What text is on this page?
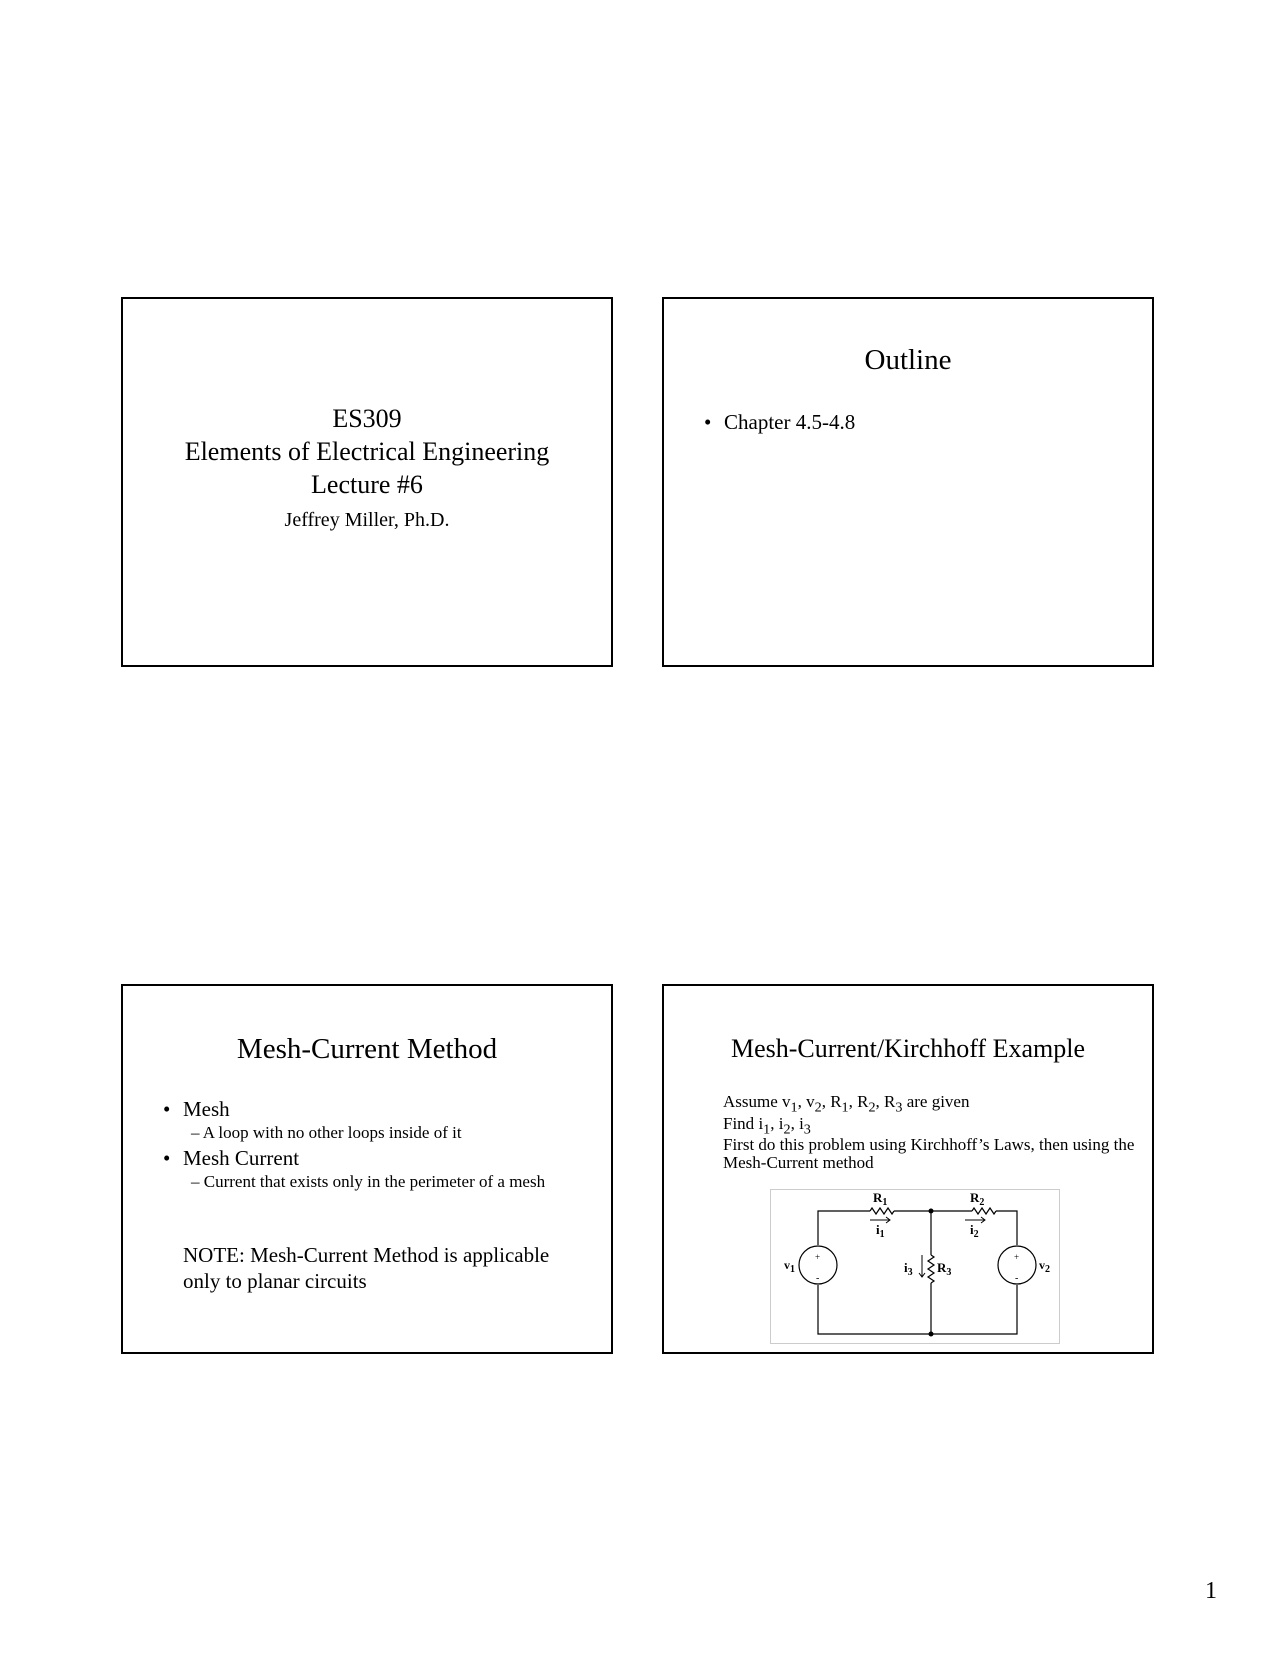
ES309
Elements of Electrical Engineering
Lecture #6
Jeffrey Miller, Ph.D.
Outline
• Chapter 4.5-4.8
Mesh-Current Method
• Mesh
– A loop with no other loops inside of it
• Mesh Current
– Current that exists only in the perimeter of a mesh
NOTE: Mesh-Current Method is applicable only to planar circuits
Mesh-Current/Kirchhoff Example
Assume $v_1$, $v_2$, $R_1$, $R_2$, $R_3$ are given
Find $i_1$, $i_2$, $i_3$
First do this problem using Kirchhoff’s Laws, then using the Mesh-Current method
+
-
+
-
$R_1$	$R_2$
$R_3$
$i_1$	$i_2$
$i_3$
$v_1$	$v_2$
1
